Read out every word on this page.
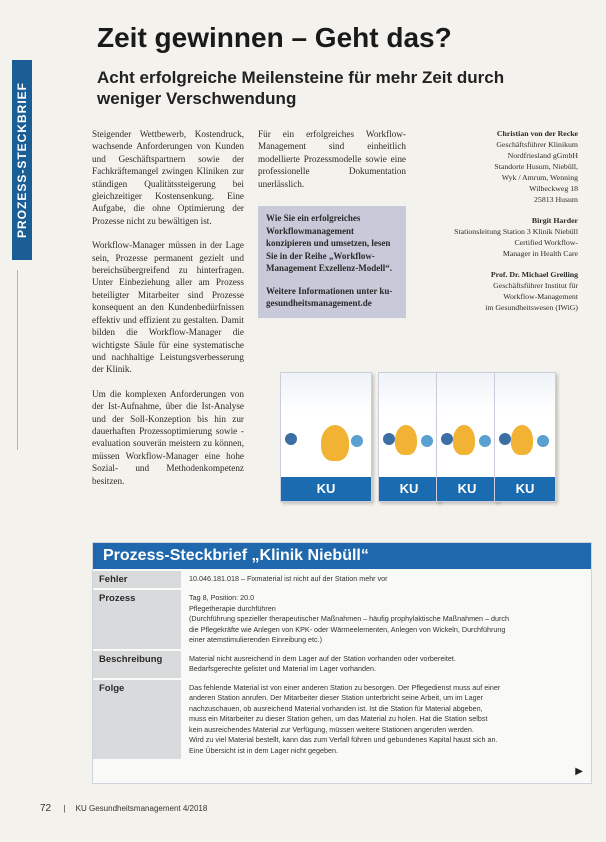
PROZESS-STECKBRIEF
Zeit gewinnen – Geht das?
Acht erfolgreiche Meilensteine für mehr Zeit durch weniger Verschwendung

Steigender Wettbewerb, Kostendruck, wachsende Anforderungen von Kunden und Geschäftspartnern sowie der Fachkräftemangel zwingen Kliniken zur ständigen Qualitätssteigerung bei gleichzeitiger Kostensenkung. Eine Aufgabe, die ohne Optimierung der Prozesse nicht zu bewältigen ist.

Workflow-Manager müssen in der Lage sein, Prozesse permanent gezielt und bereichsübergreifend zu hinterfragen. Unter Einbeziehung aller am Prozess beteiligter Mitarbeiter sind Prozesse konsequent an den Kundenbedürfnissen effektiv und effizient zu gestalten. Damit bilden die Workflow-Manager die wichtigste Säule für eine systematische und nachhaltige Leistungsverbesserung der Klinik.

Um die komplexen Anforderungen von der Ist-Aufnahme, über die Ist-Analyse und der Soll-Konzeption bis hin zur dauerhaften Prozessoptimierung sowie -evaluation souverän meistern zu können, müssen Workflow-Manager eine hohe Sozial- und Methodenkompetenz besitzen.

Für ein erfolgreiches Workflow-Management sind einheitlich modellierte Prozessmodelle sowie eine professionelle Dokumentation unerlässlich.

Wie Sie ein erfolgreiches Workflowmanagement konzipieren und umsetzen, lesen Sie in der Reihe „Workflow-Management Exzellenz-Modell“.

Weitere Informationen unter ku-gesundheitsmanagement.de

Christian von der Recke
Geschäftsführer Klinikum
Nordfriesland gGmbH
Standorte Husum, Niebüll,
Wyk / Amrum, Wenning
Wilbeckweg 18
25813 Husum
Birgit Harder
Stationsleitung Station 3 Klinik Niebüll
Certified Workflow-
Manager in Health Care
Prof. Dr. Michael Greiling
Geschäftsführer Institut für
Workflow-Management
im Gesundheitswesen (IWiG)
KU	KU	KU	KU
Prozess-Steckbrief „Klinik Niebüll“
Fehler	10.046.181.018 – Fixmaterial ist nicht auf der Station mehr vor
Prozess	Tag 8, Position: 20.0
Pflegetherapie durchführen
(Durchführung spezieller therapeutischer Maßnahmen – häufig prophylaktische Maßnahmen – durch
die Pflegekräfte wie Anlegen von KPK- oder Wärmeelementen, Anlegen von Wickeln, Durchführung
einer atemstimulierenden Einreibung etc.)
Beschreibung	Material nicht ausreichend in dem Lager auf der Station vorhanden oder vorbereitet.
Bedarfsgerechte gelistet und Material im Lager vorhanden.
Folge	Das fehlende Material ist von einer anderen Station zu besorgen. Der Pflegedienst muss auf einer
anderen Station anrufen. Der Mitarbeiter dieser Station unterbricht seine Arbeit, um im Lager
nachzuschauen, ob ausreichend Material vorhanden ist. Ist die Station für Material abgeben,
muss ein Mitarbeiter zu dieser Station gehen, um das Material zu holen. Hat die Station selbst
kein ausreichendes Material zur Verfügung, müssen weitere Stationen angerufen werden.
Wird zu viel Material bestellt, kann das zum Verfall führen und gebundenes Kapital haust sich an.
Eine Übersicht ist in dem Lager nicht gegeben.
▶
72 | KU Gesundheitsmanagement 4/2018
